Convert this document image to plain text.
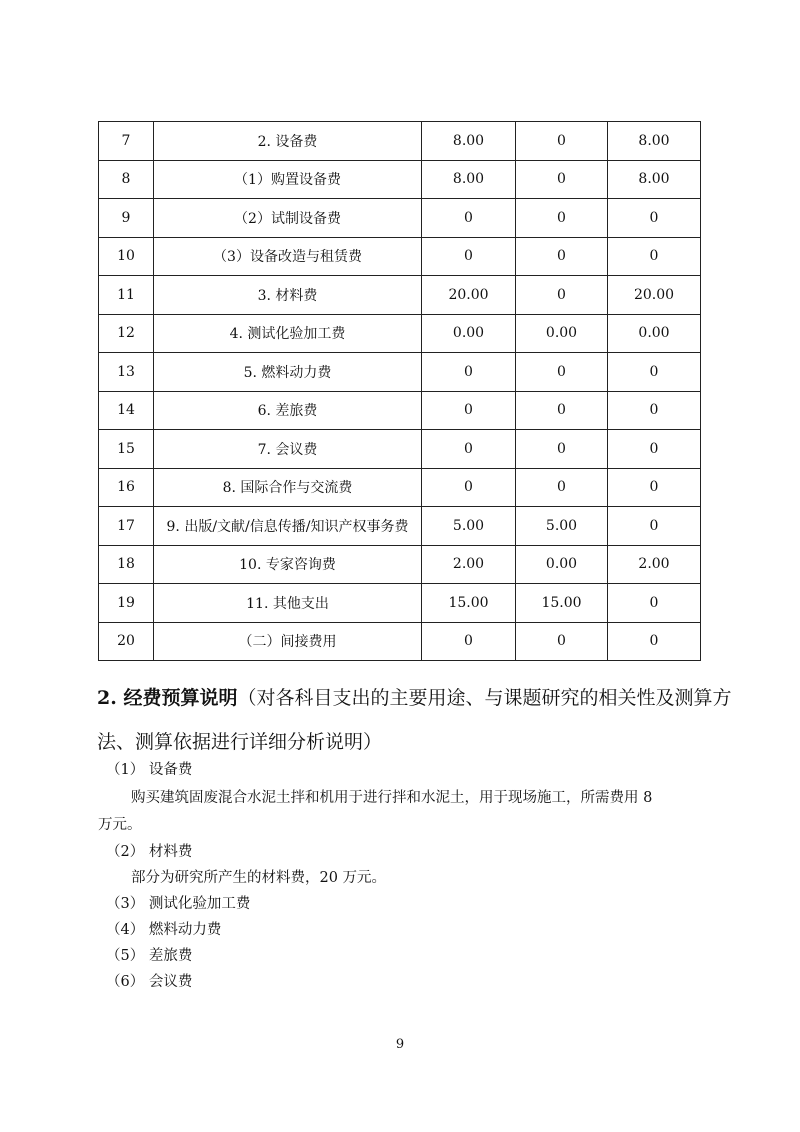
7	2. 设备费	8.00	0	8.00
8	（1）购置设备费	8.00	0	8.00
9	（2）试制设备费	0	0	0
10	（3）设备改造与租赁费	0	0	0
11	3. 材料费	20.00	0	20.00
12	4. 测试化验加工费	0.00	0.00	0.00
13	5. 燃料动力费	0	0	0
14	6. 差旅费	0	0	0
15	7. 会议费	0	0	0
16	8. 国际合作与交流费	0	0	0
17	9. 出版/文献/信息传播/知识产权事务费	5.00	5.00	0
18	10. 专家咨询费	2.00	0.00	2.00
19	11. 其他支出	15.00	15.00	0
20	（二）间接费用	0	0	0

2. 经费预算说明（对各科目支出的主要用途、与课题研究的相关性及测算方法、测算依据进行详细分析说明）

（1） 设备费

购买建筑固废混合水泥土拌和机用于进行拌和水泥土，用于现场施工，所需费用 8

万元。

（2） 材料费

部分为研究所产生的材料费，20 万元。

（3） 测试化验加工费

（4） 燃料动力费

（5） 差旅费

（6） 会议费

9
